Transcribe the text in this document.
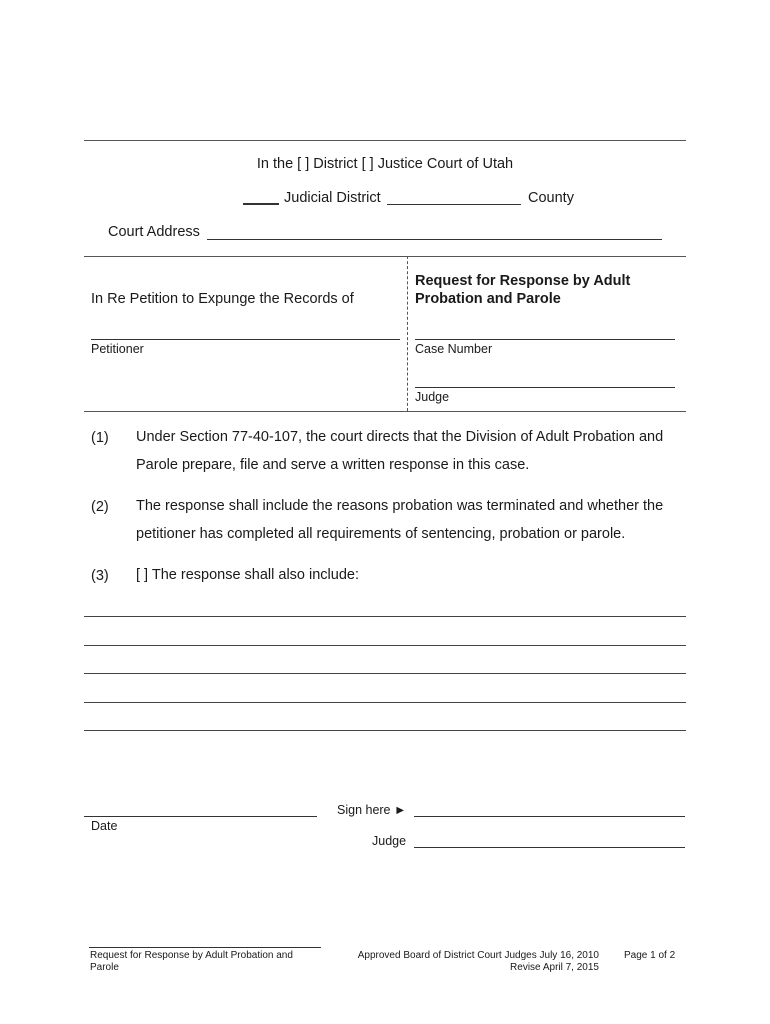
In the [ ] District [ ] Justice Court of Utah
Judicial District	County
Court Address
In Re Petition to Expunge the Records of
Petitioner
Request for Response by Adult
Probation and Parole
Case Number
Judge
(1) Under Section 77-40-107, the court directs that the Division of Adult Probation and Parole prepare, file and serve a written response in this case.
(2) The response shall include the reasons probation was terminated and whether the petitioner has completed all requirements of sentencing, probation or parole.
(3) [ ] The response shall also include:
Date
Sign here ►
Judge
Request for Response by Adult Probation and
Parole
Approved Board of District Court Judges July 16, 2010
Revise April 7, 2015
Page 1 of 2
